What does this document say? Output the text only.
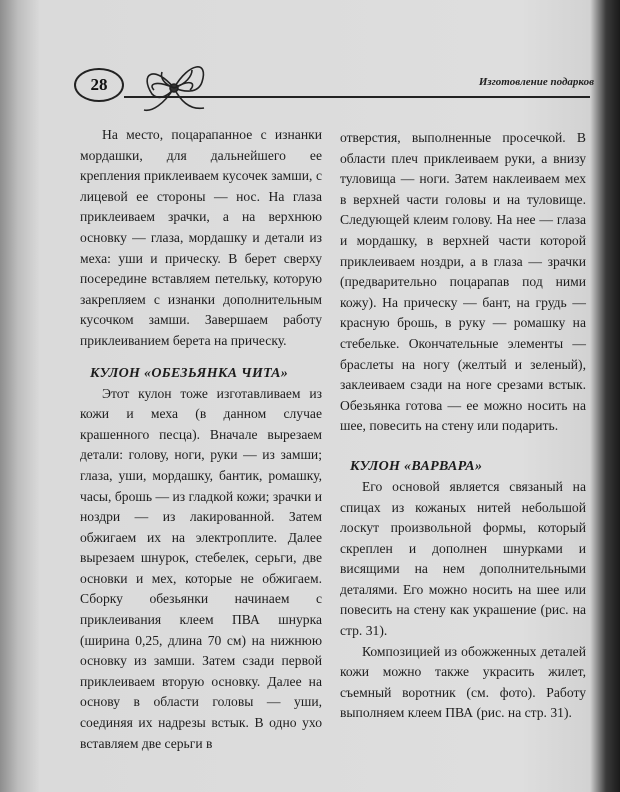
28	Изготовление подарков

На место, поцарапанное с изнанки мордашки, для дальнейшего ее крепления приклеиваем кусочек замши, с лицевой ее стороны — нос. На глаза приклеиваем зрачки, а на верхнюю основку — глаза, мордашку и детали из меха: уши и прическу. В берет сверху посередине вставляем петельку, которую закрепляем с изнанки дополнительным кусочком замши. Завершаем работу приклеиванием берета на прическу.

КУЛОН «ОБЕЗЬЯНКА ЧИТА»

Этот кулон тоже изготавливаем из кожи и меха (в данном случае крашенного песца). Вначале вырезаем детали: голову, ноги, руки — из замши; глаза, уши, мордашку, бантик, ромашку, часы, брошь — из гладкой кожи; зрачки и ноздри — из лакированной. Затем обжигаем их на электроплите. Далее вырезаем шнурок, стебелек, серьги, две основки и мех, которые не обжигаем. Сборку обезьянки начинаем с приклеивания клеем ПВА шнурка (ширина 0,25, длина 70 см) на нижнюю основку из замши. Затем сзади первой приклеиваем вторую основку. Далее на основу в области головы — уши, соединяя их надрезы встык. В одно ухо вставляем две серьги в

отверстия, выполненные просечкой. В области плеч приклеиваем руки, а внизу туловища — ноги. Затем наклеиваем мех в верхней части головы и на туловище. Следующей клеим голову. На нее — глаза и мордашку, в верхней части которой приклеиваем ноздри, а в глаза — зрачки (предварительно поцарапав под ними кожу). На прическу — бант, на грудь — красную брошь, в руку — ромашку на стебельке. Окончательные элементы — браслеты на ногу (желтый и зеленый), заклеиваем сзади на ноге срезами встык. Обезьянка готова — ее можно носить на шее, повесить на стену или подарить.

КУЛОН «ВАРВАРА»

Его основой является связаный на спицах из кожаных нитей небольшой лоскут произвольной формы, который скреплен и дополнен шнурками и висящими на нем дополнительными деталями. Его можно носить на шее или повесить на стену как украшение (рис. на стр. 31).

Композицией из обожженных деталей кожи можно также украсить жилет, съемный воротник (см. фото). Работу выполняем клеем ПВА (рис. на стр. 31).
